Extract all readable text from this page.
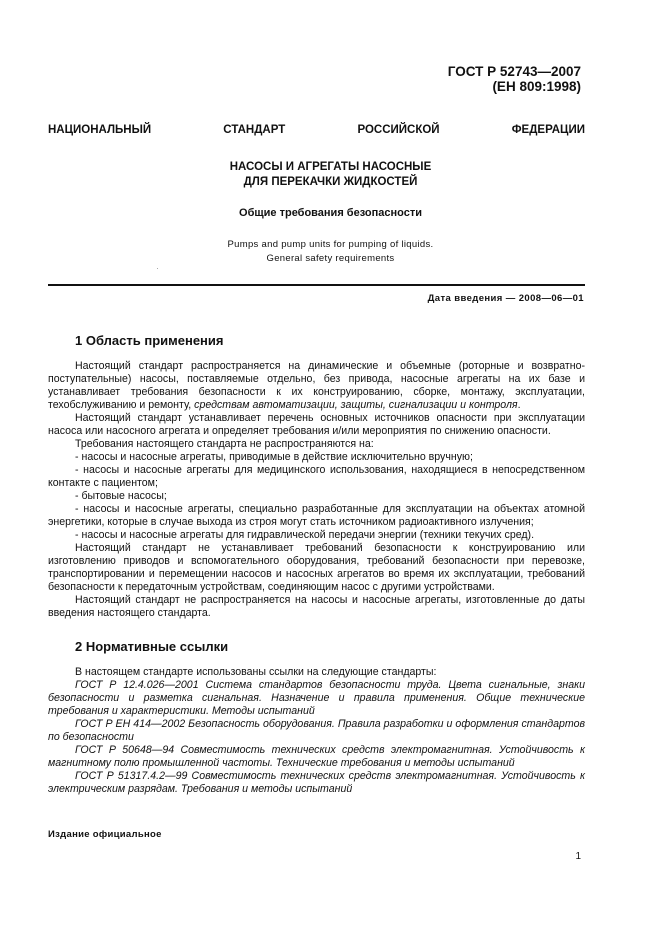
ГОСТ Р 52743—2007
(ЕН 809:1998)
НАЦИОНАЛЬНЫЙ	СТАНДАРТ	РОССИЙСКОЙ	ФЕДЕРАЦИИ
НАСОСЫ И АГРЕГАТЫ НАСОСНЫЕ
ДЛЯ ПЕРЕКАЧКИ ЖИДКОСТЕЙ
Общие требования безопасности
Pumps and pump units for pumping of liquids.
General safety requirements
Дата введения — 2008—06—01
1 Область применения

Настоящий стандарт распространяется на динамические и объемные (роторные и возвратно-поступательные) насосы, поставляемые отдельно, без привода, насосные агрегаты на их базе и устанавливает требования безопасности к их конструированию, сборке, монтажу, эксплуатации, техобслуживанию и ремонту, средствам автоматизации, защиты, сигнализации и контроля.

Настоящий стандарт устанавливает перечень основных источников опасности при эксплуатации насоса или насосного агрегата и определяет требования и/или мероприятия по снижению опасности.

Требования настоящего стандарта не распространяются на:

- насосы и насосные агрегаты, приводимые в действие исключительно вручную;

- насосы и насосные агрегаты для медицинского использования, находящиеся в непосредственном контакте с пациентом;

- бытовые насосы;

- насосы и насосные агрегаты, специально разработанные для эксплуатации на объектах атомной энергетики, которые в случае выхода из строя могут стать источником радиоактивного излучения;

- насосы и насосные агрегаты для гидравлической передачи энергии (техники текучих сред).

Настоящий стандарт не устанавливает требований безопасности к конструированию или изготовлению приводов и вспомогательного оборудования, требований безопасности при перевозке, транспортировании и перемещении насосов и насосных агрегатов во время их эксплуатации, требований безопасности к передаточным устройствам, соединяющим насос с другими устройствами.

Настоящий стандарт не распространяется на насосы и насосные агрегаты, изготовленные до даты введения настоящего стандарта.

2 Нормативные ссылки

В настоящем стандарте использованы ссылки на следующие стандарты:

ГОСТ Р 12.4.026—2001 Система стандартов безопасности труда. Цвета сигнальные, знаки безопасности и разметка сигнальная. Назначение и правила применения. Общие технические требования и характеристики. Методы испытаний

ГОСТ Р ЕН 414—2002 Безопасность оборудования. Правила разработки и оформления стандартов по безопасности

ГОСТ Р 50648—94 Совместимость технических средств электромагнитная. Устойчивость к магнитному полю промышленной частоты. Технические требования и методы испытаний

ГОСТ Р 51317.4.2—99 Совместимость технических средств электромагнитная. Устойчивость к электрическим разрядам. Требования и методы испытаний

Издание официальное
1
